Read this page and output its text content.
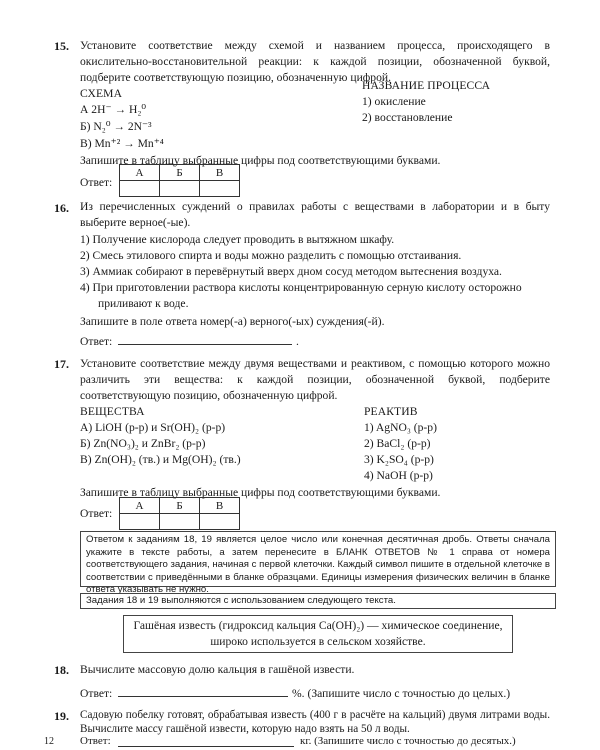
15. Установите соответствие между схемой и названием процесса, происходящего в окислительно-восстановительной реакции: к каждой позиции, обозначенной буквой, подберите соответствующую позицию, обозначенную цифрой.
СХЕМА
НАЗВАНИЕ ПРОЦЕССА
А 2H⁻ → H₂⁰
Б) N₂⁰ → 2N⁻³
В) Mn⁺² → Mn⁺⁴
1) окисление
2) восстановление
Запишите в таблицу выбранные цифры под соответствующими буквами.
Ответ:
А	Б	В

16. Из перечисленных суждений о правилах работы с веществами в лаборатории и в быту выберите верное(-ые).
1) Получение кислорода следует проводить в вытяжном шкафу.
2) Смесь этилового спирта и воды можно разделить с помощью отстаивания.
3) Аммиак собирают в перевёрнутый вверх дном сосуд методом вытеснения воздуха.
4) При приготовлении раствора кислоты концентрированную серную кислоту осторожно
приливают к воде.
Запишите в поле ответа номер(-а) верного(-ых) суждения(-й).
Ответ:	.
17. Установите соответствие между двумя веществами и реактивом, с помощью которого можно различить эти вещества: к каждой позиции, обозначенной буквой, подберите соответствующую позицию, обозначенную цифрой.
ВЕЩЕСТВА	РЕАКТИВ
А) LiOH (р-р) и Sr(OH)₂ (р-р)
Б) Zn(NO₃)₂ и ZnBr₂ (р-р)
В) Zn(OH)₂ (тв.) и Mg(OH)₂ (тв.)
1) AgNO₃ (р-р)
2) BaCl₂ (р-р)
3) K₂SO₄ (р-р)
4) NaOH (р-р)
Запишите в таблицу выбранные цифры под соответствующими буквами.
Ответ:
А	Б	В

Ответом к заданиям 18, 19 является целое число или конечная десятичная дробь. Ответы сначала укажите в тексте работы, а затем перенесите в БЛАНК ОТВЕТОВ № 1 справа от номера соответствующего задания, начиная с первой клеточки. Каждый символ пишите в отдельной клеточке в соответствии с приведёнными в бланке образцами. Единицы измерения физических величин в бланке ответа указывать не нужно.
Задания 18 и 19 выполняются с использованием следующего текста.
Гашёная известь (гидроксид кальция Ca(OH)₂) — химическое соединение,
широко используется в сельском хозяйстве.
18. Вычислите массовую долю кальция в гашёной извести.
Ответ:	%. (Запишите число с точностью до целых.)
19. Садовую побелку готовят, обрабатывая известь (400 г в расчёте на кальций) двумя литрами воды. Вычислите массу гашёной извести, которую надо взять на 50 л воды.
Ответ:	кг. (Запишите число с точностью до десятых.)
12
